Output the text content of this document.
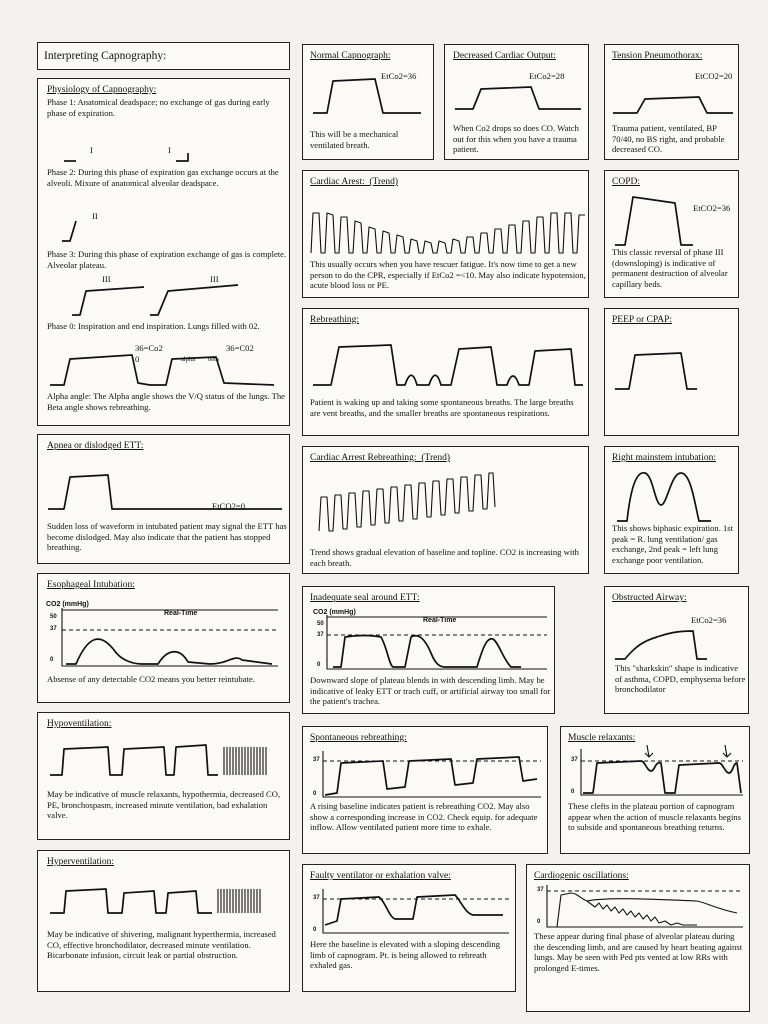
Interpreting Capnography:
Physiology of Capnography:
Phase 1: Anatomical deadspace; no exchange of gas during early phase of expiration.
I	I
Phase 2: During this phase of expiration gas exchange occurs at the alveoli. Mixure of anatomical alveolar deadspace.
II
Phase 3: During this phase of expiration exchange of gas is complete. Alveolar plateau.
III	III
Phase 0: Inspiration and end inspiration. Lungs filled with 02.
36=Co2
0
36=C02
alpha beta
Alpha angle: The Alpha angle shows the V/Q status of the lungs. The Beta angle shows rebreathing.
Apnea or dislodged ETT:
EtCO2=0
Sudden loss of waveform in intubated patient may signal the ETT has become dislodged. May also indicate that the patient has stopped breathing.
Esophageal Intubation:
CO2 (mmHg)
Real-Time
50
37
0
Absense of any detectable CO2 means you better reintubate.
Hypoventilation:
May be indicative of muscle relaxants, hypothermia, decreased CO, PE, bronchospasm, increased minute ventilation, bad exhalation valve.
Hyperventilation:
May be indicative of shivering, malignant hyperthermia, increased CO, effective bronchodilator, decreased minute ventilation. Bicarbonate infusion, circuit leak or partial obstruction.
Normal Capnograph:
EtCo2=36
This will be a mechanical ventilated breath.
Decreased Cardiac Output:
EtCo2=28
When Co2 drops so does CO. Watch out for this when you have a trauma patient.
Tension Pneumothorax:
EtCO2=20
Trauma patient, ventilated, BP 70/40, no BS right, and probable decreased CO.
Cardiac Arest: (Trend)
This usually occurs when you have rescuer fatigue. It's now time to get a new person to do the CPR, especially if EtCo2 =<10. May also indicate hypotension, acute blood loss or PE.
COPD:
EtCO2=36
This classic reversal of phase III (downsloping) is indicative of permanent destruction of alveolar capillary beds.
Rebreathing:
Patient is waking up and taking some spontaneous breaths. The large breaths are vent breaths, and the smaller breaths are spontaneous respirations.
PEEP or CPAP:
Cardiac Arrest Rebreathing: (Trend)
Trend shows gradual elevation of baseline and topline. CO2 is increasing with each breath.
Right mainstem intubation:
This shows biphasic expiration. 1st peak = R. lung ventilation/ gas exchange, 2nd peak = left lung exchange poor ventilation.
Inadequate seal around ETT:
CO2 (mmHg)
Real-Time
50
37
0
Downward slope of plateau blends in with descending limb. May be indicative of leaky ETT or trach cuff, or artificial airway too small for the patient's trachea.
Obstructed Airway:
EtCo2=36
This "sharkskin" shape is indicative of asthma, COPD, emphysema before bronchodilator
Spontaneous rebreathing:
37
0
A rising baseline indicates patient is rebreathing CO2. May also show a corresponding increase in CO2. Check equip. for adequate inflow. Allow ventilated patient more time to exhale.
Muscle relaxants:
37
0
These clefts in the plateau portion of capnogram appear when the action of muscle relaxants begins to subside and spontaneous breathing returns.
Faulty ventilator or exhalation valve:
37
0
Here the baseline is elevated with a sloping descending limb of capnogram. Pt. is being allowed to rebreath exhaled gas.
Cardiogenic oscillations:
37
0
These appear during final phase of alveolar plateau during the descending limb, and are caused by heart beating against lungs. May be seen with Ped pts vented at low RRs with prolonged E-times.
